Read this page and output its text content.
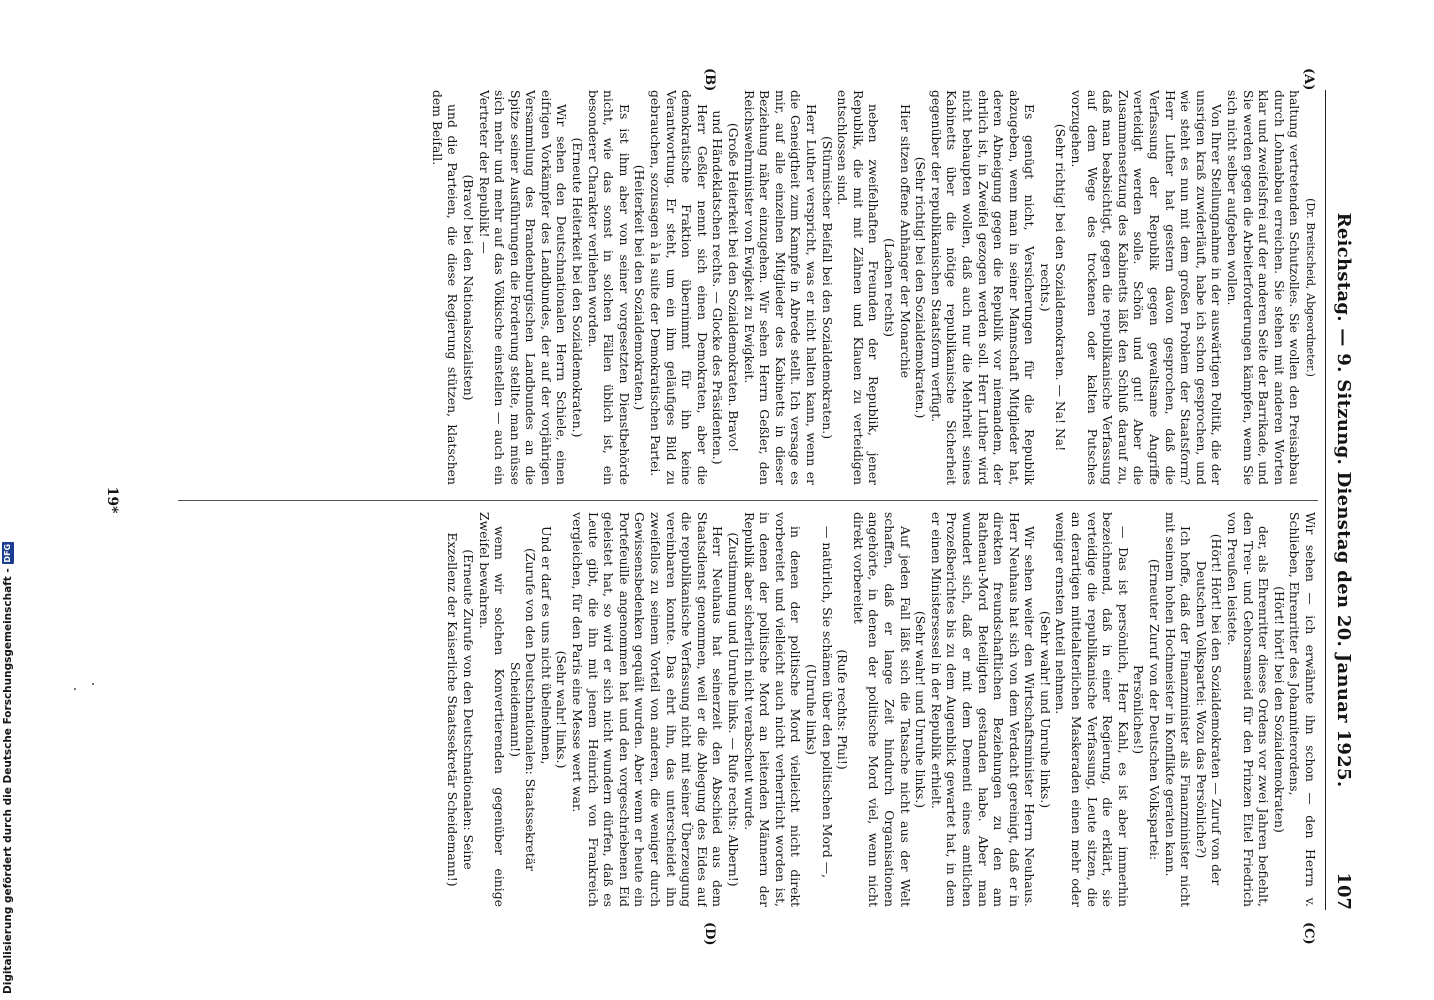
Reichstag. — 9. Sitzung. Dienstag den 20. Januar 1925.
107
(A)
(B)
(C)
(D)

(Dr. Breitscheid, Abgeordneter.)

haltung vertretenden Schutzolles. Sie wollen den Preisabbau durch Lohnabbau erreichen. Sie stehen mit anderen Worten klar und zweifelsfrei auf der anderen Seite der Barrikade, und Sie werden gegen die Arbeiterforderungen kämpfen, wenn Sie sich nicht selber aufgeben wollen.

Von Ihrer Stellungnahme in der auswärtigen Politik, die der unsrigen kraß zuwiderläuft, habe ich schon gesprochen, und wie steht es nun mit dem großen Problem der Staatsform? Herr Luther hat gestern davon gesprochen, daß die Verfassung der Republik gegen gewaltsame Angriffe verteidigt werden solle. Schön und gut! Aber die Zusammensetzung des Kabinetts läßt den Schluß darauf zu, daß man beabsichtigt, gegen die republikanische Verfassung auf dem Wege des trockenen oder kalten Putsches vorzugehen.

(Sehr richtig! bei den Sozialdemokraten. — Na! Na! rechts.)

Es genügt nicht, Versicherungen für die Republik abzugeben, wenn man in seiner Mannschaft Mitglieder hat, deren Abneigung gegen die Republik vor niemandem, der ehrlich ist, in Zweifel gezogen werden soll. Herr Luther wird nicht behaupten wollen, daß auch nur die Mehrheit seines Kabinetts über die nötige republikanische Sicherheit gegenüber der republikanischen Staatsform verfügt.

(Sehr richtig! bei den Sozialdemokraten.)

Hier sitzen offene Anhänger der Monarchie

(Lachen rechts)

neben zweifelhaften Freunden der Republik, jener Republik, die mit mit Zähnen und Klauen zu verteidigen entschlossen sind.

(Stürmischer Beifall bei den Sozialdemokraten.)

Herr Luther verspricht, was er nicht halten kann, wenn er die Geneigtheit zum Kampfe in Abrede stellt. Ich versage es mir, auf alle einzelnen Mitglieder des Kabinetts in dieser Beziehung näher einzugehen. Wir sehen Herrn Geßler, den Reichswehrminister von Ewigkeit zu Ewigkeit.

(Große Heiterkeit bei den Sozialdemokraten. Bravo! und Händeklatschen rechts. — Glocke des Präsidenten.)

Herr Geßler nennt sich einen Demokraten, aber die demokratische Fraktion übernimmt für ihn keine Verantwortung. Er steht, um ein ihm geläufiges Bild zu gebrauchen, sozusagen à la suite der Demokratischen Partei.

(Heiterkeit bei den Sozialdemokraten.)

Es ist ihm aber von seiner vorgesetzten Dienstbehörde nicht, wie das sonst in solchen Fällen üblich ist, ein besonderer Charakter verliehen worden.

(Erneute Heiterkeit bei den Sozialdemokraten.)

Wir sehen den Deutschnationalen Herrn Schiele, einen eifrigen Vorkämpfer des Landbundes, der auf der vorjährigen Versammlung des Brandenburgischen Landbundes an die Spitze seiner Ausführungen die Forderung stellte, man müsse sich mehr und mehr auf das Völkische einstellen — auch ein Vertreter der Republik! —

(Bravo! bei den Nationalsozialisten)

und die Parteien, die diese Regierung stützen, klatschen dem Beifall.

Wir sehen — ich erwähnte ihn schon — den Herrn v. Schlieben, Ehrenritter des Johanniterordens,

(Hört! hört! bei den Sozialdemokraten)

der, als Ehrenritter dieses Ordens vor zwei Jahren befiehlt, den Treu- und Gehorsamseid für den Prinzen Eitel Friedrich von Preußen leistete.

(Hört! Hört! bei den Sozialdemokraten — Zuruf von der Deutschen Volkspartei: Wozu das Persönliche?)

Ich hoffe, daß der Finanzminister als Finanzminister nicht mit seinem hohen Hochmeister in Konflikte geraten kann.

(Erneuter Zuruf von der Deutschen Volkspartei: Persönliches!)

— Das ist persönlich, Herr Kahl, es ist aber immerhin bezeichnend, daß in einer Regierung, die erklärt, sie verteidige die republikanische Verfassung, Leute sitzen, die an derartigen mittelalterlichen Maskeraden einen mehr oder weniger ernsten Anteil nehmen.

(Sehr wahr! und Unruhe links.)

Wir sehen weiter den Wirtschaftsminister Herrn Neuhaus. Herr Neuhaus hat sich von dem Verdacht gereinigt, daß er in direkten freundschaftlichen Beziehungen zu den am Rathenau-Mord Beteiligten gestanden habe. Aber man wundert sich, daß er mit dem Dementi eines amtlichen Prozeßberichtes bis zu dem Augenblick gewartet hat, in dem er einen Ministersessel in der Republik erhielt.

(Sehr wahr! und Unruhe links.)

Auf jeden Fall läßt sich die Tatsache nicht aus der Welt schaffen, daß er lange Zeit hindurch Organisationen angehörte, in denen der politische Mord viel, wenn nicht direkt vorbereitet

(Rufe rechts: Pfui!)

— natürlich, Sie schämen über den politischen Mord —,

(Unruhe links)

in denen der politische Mord vielleicht nicht direkt vorbereitet und vielleicht auch nicht verherrlicht worden ist, in denen der politische Mord an leitenden Männern der Republik aber sicherlich nicht verabscheut wurde.

(Zustimmung und Unruhe links. — Rufe rechts: Albern!)

Herr Neuhaus hat seinerzeit den Abschied aus dem Staatsdienst genommen, weil er die Ablegung des Eides auf die republikanische Verfassung nicht mit seiner Überzeugung vereinbaren konnte. Das ehrt ihn, das unterscheidet ihn zweifellos zu seinem Vorteil von anderen, die weniger durch Gewissensbedenken gequält wurden. Aber wenn er heute ein Portefeuille angenommen hat und den vorgeschriebenen Eid geleistet hat, so wird er sich nicht wundern dürfen, daß es Leute gibt, die ihn mit jenem Heinrich von Frankreich vergleichen, für den Paris eine Messe wert war.

(Sehr wahr! links.)

Und er darf es uns nicht übelnehmen,

(Zurufe von den Deutschnationalen: Staatssekretär Scheidemann!)

wenn wir solchen Konvertierenden gegenüber einige Zweifel bewahren.

(Erneute Zurufe von den Deutschnationalen: Seine Exzellenz der Kaiserliche Staatssekretär Scheidemann!)

19*
Digitalisierung gefördert durch die Deutsche Forschungsgemeinschaft -
DFG
